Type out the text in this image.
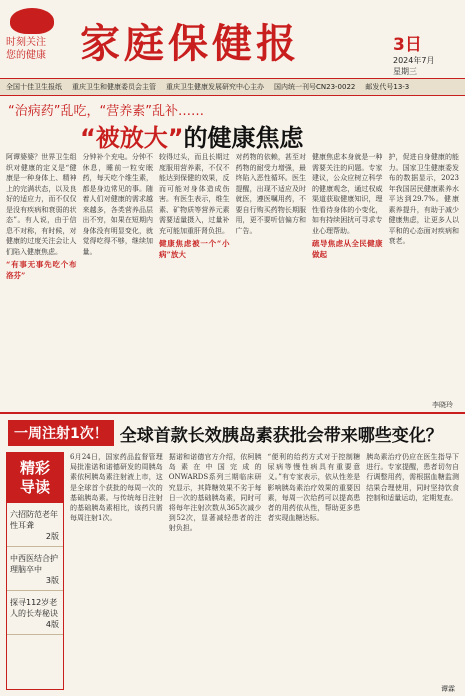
时刻关注
您的健康 家庭保健报	3日
2024年7月
星期三
全国十佳卫生报纸 重庆卫生和健康委员会主管 重庆卫生健康发展研究中心主办 国内统一刊号CN23-0022 邮发代号13-3
“治病药”乱吃，“营养素”乱补……
“被放大”的健康焦虑
阿谭婆婆？世界卫生组织对健康的定义是“健康是一种身体上、精神上的完满状态，以及良好的适应力，而不仅仅是没有疾病和衰弱的状态”。有人说，由于信息不对称，有时候，对健康的过度关注会让人们陷入健康焦虑。
“有事无事先吃个布洛芬”
分钟补个充电。分钟不休息，睡前一粒安眠药，每天吃个维生素，都是身边常见的事。随着人们对健康的需求越来越多，各类营养品层出不穷，如果在短期内身体没有明显变化，就觉得吃得不够，继续加量。
较得过头，而且长期过度服用营养素，不仅不能达到保健的效果，反而可能对身体造成伤害。有医生表示，维生素、矿物质等营养元素需要适量摄入，过量补充可能加重肝肾负担。
健康焦虑被一个“小病”放大
对药物的依赖，甚至对药物的耐受力增强，最终陷入恶性循环。医生提醒，出现不适应及时就医，遵医嘱用药，不要自行购买药物长期服用，更不要听信偏方和广告。
健康焦虑本身就是一种需要关注的问题。专家建议，公众应树立科学的健康观念，通过权威渠道获取健康知识，理性看待身体的小变化，如有持续困扰可寻求专业心理帮助。
疏导焦虑从全民健康做起
护，促进自身健康的能力。国家卫生健康委发布的数据显示，2023年我国居民健康素养水平达到29.7%。健康素养提升，有助于减少健康焦虑，让更多人以平和的心态面对疾病和衰老。
李晓玲
一周注射1次！ 全球首款长效胰岛素获批会带来哪些变化？
精彩
导读
六招防范老年性耳聋
2版
中西医结合护理脑卒中
3版
探寻112岁老人的长寿秘诀
4版
6月24日，国家药品监督管理局批准诺和诺德研发的周胰岛素依柯胰岛素注射液上市，这是全球首个获批的每周一次的基础胰岛素。与传统每日注射的基础胰岛素相比，该药只需每周注射1次。
据诺和诺德官方介绍，依柯胰岛素在中国完成的ONWARDS系列三期临床研究显示，其降糖效果不劣于每日一次的基础胰岛素，同时可将每年注射次数从365次减少到52次，显著减轻患者的注射负担。
“便利的给药方式对于控制糖尿病等慢性病具有重要意义。”有专家表示，依从性差是影响胰岛素治疗效果的重要因素，每周一次给药可以提高患者的用药依从性，帮助更多患者实现血糖达标。
胰岛素治疗仍应在医生指导下进行。专家提醒，患者切勿自行调整用药，需根据血糖监测结果合理使用，同时坚持饮食控制和适量运动，定期复查。
谭霖
